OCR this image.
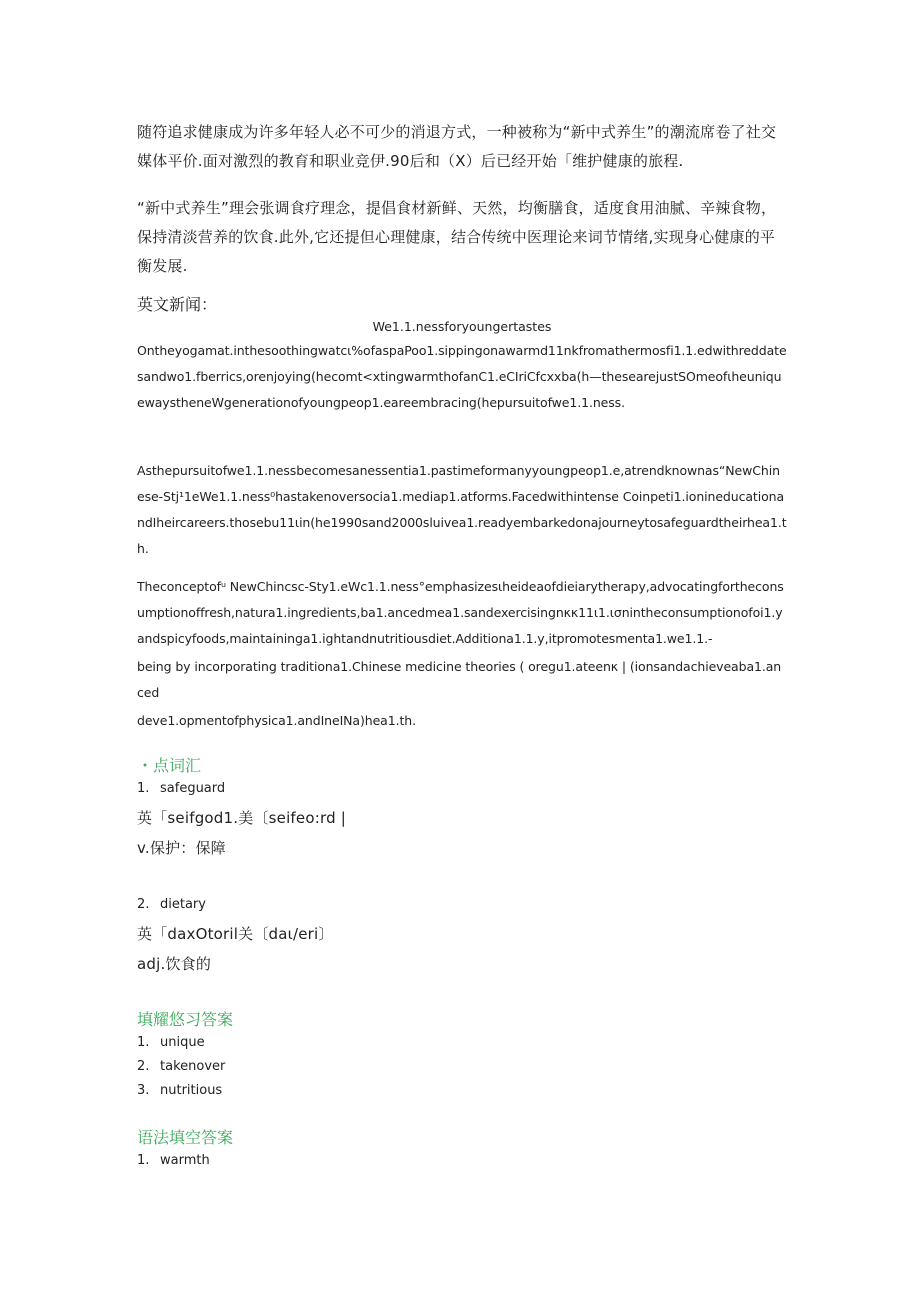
随符追求健康成为许多年轻人必不可少的消退方式，一种被称为“新中式养生”的潮流席卷了社交媒体平价.面对激烈的教育和职业竞伊.90后和（X）后已经开始「维护健康的旅程.

“新中式养生”理会张调食疗理念，提倡食材新鲜、天然，均衡膳食，适度食用油腻、辛辣食物，保持清淡营养的饮食.此外,它还提但心理健康，结合传统中医理论来词节情绪,实现身心健康的平衡发展.

英文新闻：
We1.1.nessforyoungertastes

Ontheyogamat.inthesoothingwatcι%ofaspaPoo1.sippingonawarmd11nkfromathermosfi1.1.edwithreddatesandwo1.fberrics,orenjoying(hecomt<xtingwarmthofanC1.eCIriCfcxxba(h—thesearejustSOmeofιheuniquewaystheneWgenerationofyoungpeop1.eareembracing(hepursuitofwe1.1.ness.

Asthepursuitofwe1.1.nessbecomesanessentia1.pastimeformanyyoungpeop1.e,atrendknownas“NewChinese-Stj¹1eWe1.1.ness⁰hastakenoversocia1.mediap1.atforms.Facedwithintense Coinpeti1.ionineducationandIheircareers.thosebu11ιin(he1990sand2000sluivea1.readyembarkedonajourneytosafeguardtheirhea1.th.

Theconceptofᵘ NewChincsc-Sty1.eWc1.1.ness°emphasizesιheideaofdieiarytherapy,advocatingfortheconsumptionoffresh,natura1.ingredients,ba1.ancedmea1.sandexercisingnκκ11ι1.ισnintheconsumptionofoi1.yandspicyfoods,maintaininga1.ightandnutritiousdiet.Additiona1.1.y,itpromotesmenta1.we1.1.-

being by incorporating traditiona1.Chinese medicine theories ( oregu1.ateenκ | (ionsandachieveaba1.anced

deve1.opmentofphysica1.andIneINa)hea1.th.

・点词汇
1. safeguard
英「seifgod1.美〔seifeo:rd |
v.保护：保障
2. dietary
英「daxOtoril关〔daι/eri〕
adj.饮食的
填耀悠习答案
1. unique
2. takenover
3. nutritious
语法填空答案
1. warmth
